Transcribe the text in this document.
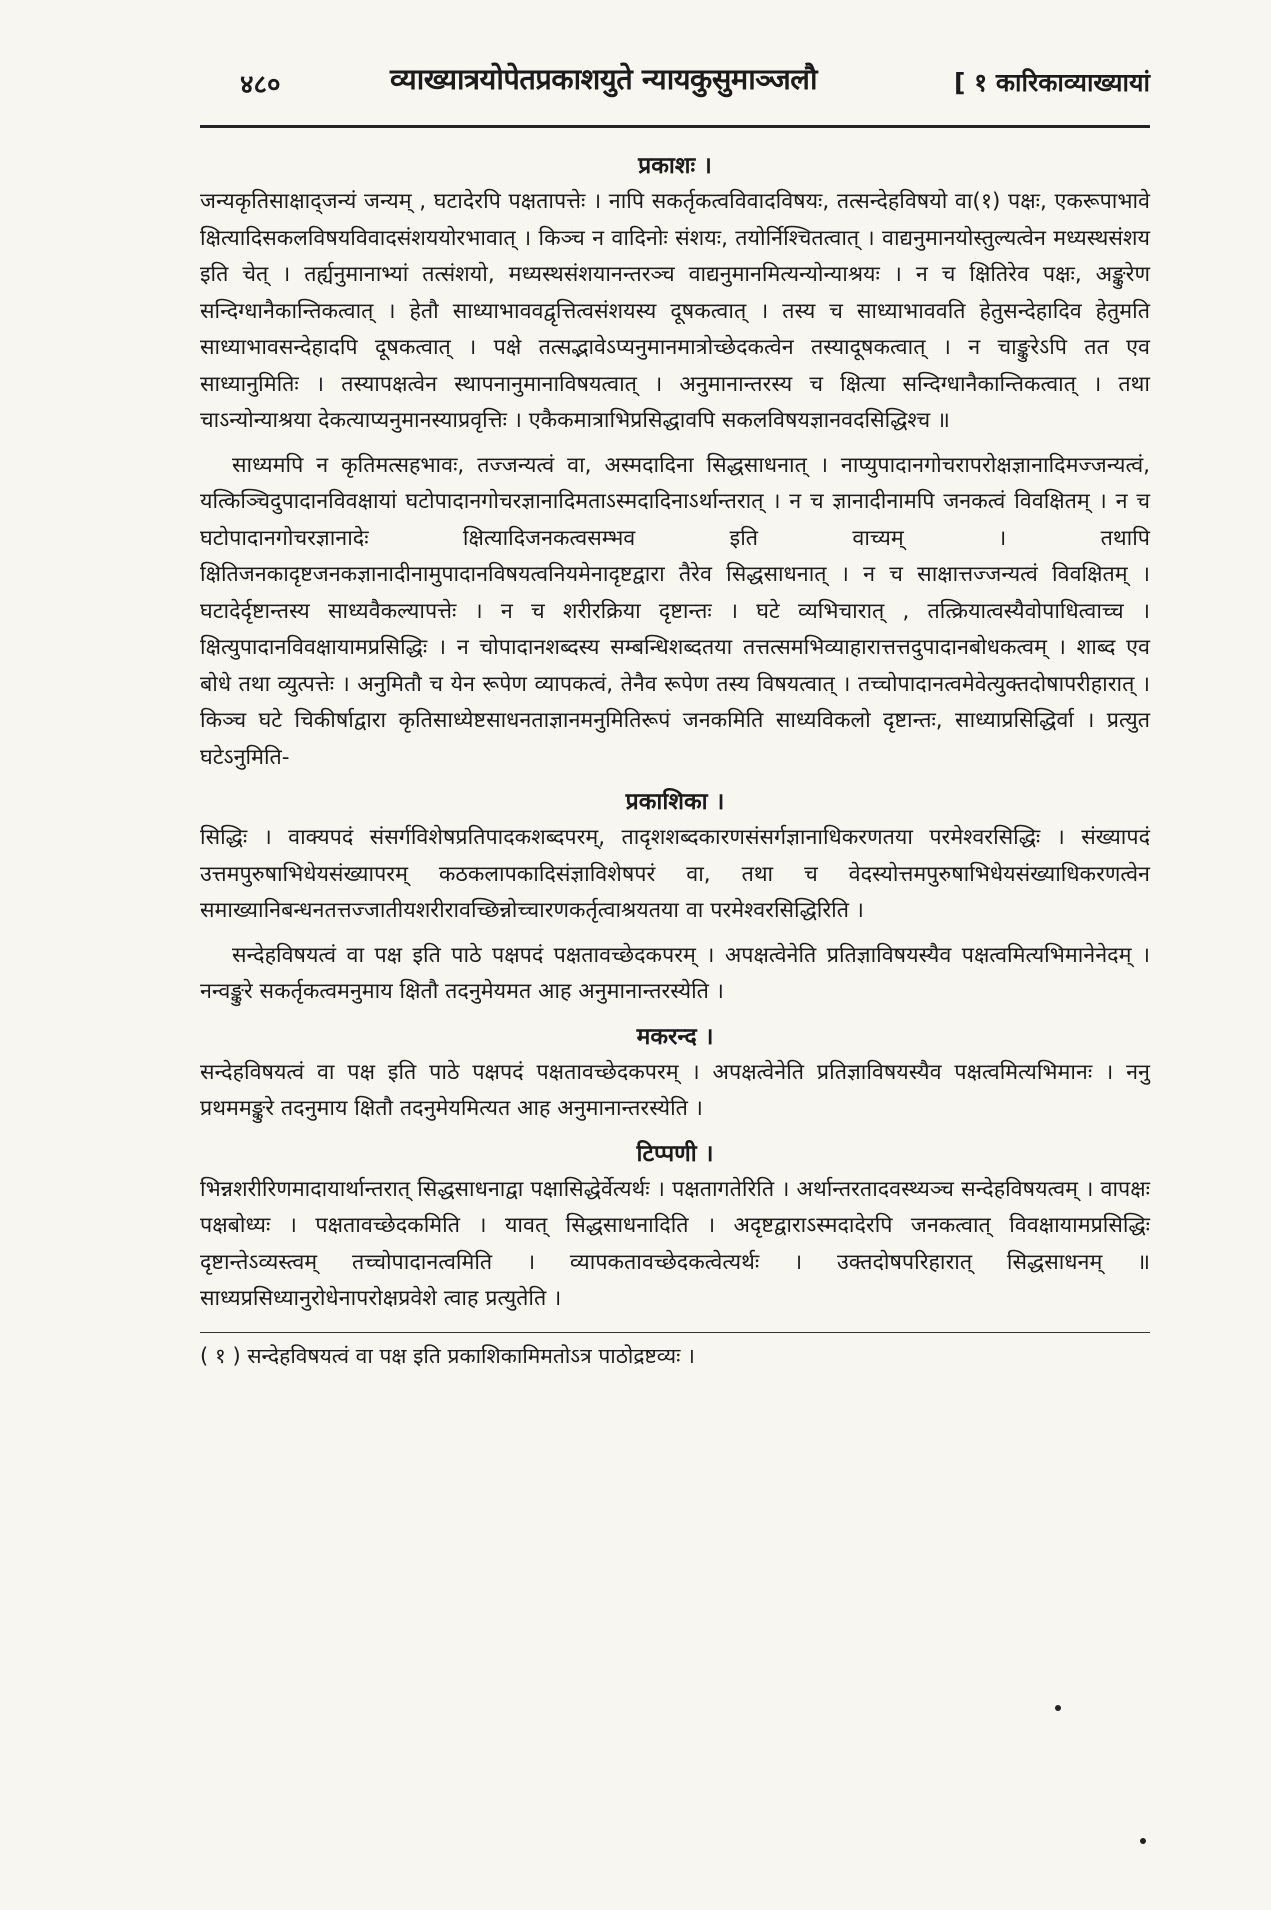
४८०	व्याख्यात्रयोपेतप्रकाशयुते न्यायकुसुमाञ्जलौ	[ १ कारिकाव्याख्यायां
प्रकाशः ।

जन्यकृतिसाक्षाद्जन्यं जन्यम् , घटादेरपि पक्षतापत्तेः । नापि सकर्तृकत्वविवादविषयः, तत्सन्देहविषयो वा(१) पक्षः, एकरूपाभावे क्षित्यादिसकलविषयविवादसंशययोरभावात् । किञ्च न वादिनोः संशयः, तयोर्निश्चितत्वात् । वाद्यनुमानयोस्तुल्यत्वेन मध्यस्थसंशय इति चेत् । तर्ह्यनुमानाभ्यां तत्संशयो, मध्यस्थसंशयानन्तरञ्च वाद्यनुमानमित्यन्योन्याश्रयः । न च क्षितिरेव पक्षः, अङ्कुरेण सन्दिग्धानैकान्तिकत्वात् । हेतौ साध्याभाववद्वृत्तित्वसंशयस्य दूषकत्वात् । तस्य च साध्याभाववति हेतुसन्देहादिव हेतुमति साध्याभावसन्देहादपि दूषकत्वात् । पक्षे तत्सद्भावेऽप्यनुमानमात्रोच्छेदकत्वेन तस्यादूषकत्वात् । न चाङ्कुरेऽपि तत एव साध्यानुमितिः । तस्यापक्षत्वेन स्थापनानुमानाविषयत्वात् । अनुमानान्तरस्य च क्षित्या सन्दिग्धानैकान्तिकत्वात् । तथा चाऽन्योन्याश्रया देकत्याप्यनुमानस्याप्रवृत्तिः । एकैकमात्राभिप्रसिद्धावपि सकलविषयज्ञानवदसिद्धिश्च ॥

साध्यमपि न कृतिमत्सहभावः, तज्जन्यत्वं वा, अस्मदादिना सिद्धसाधनात् । नाप्युपादानगोचरापरोक्षज्ञानादिमज्जन्यत्वं, यत्किञ्चिदुपादानविवक्षायां घटोपादानगोचरज्ञानादिमताऽस्मदादिनाऽर्थान्तरात् । न च ज्ञानादीनामपि जनकत्वं विवक्षितम् । न च घटोपादानगोचरज्ञानादेः क्षित्यादिजनकत्वसम्भव इति वाच्यम् । तथापि क्षितिजनकादृष्टजनकज्ञानादीनामुपादानविषयत्वनियमेनादृष्टद्वारा तैरेव सिद्धसाधनात् । न च साक्षात्तज्जन्यत्वं विवक्षितम् । घटादेर्दृष्टान्तस्य साध्यवैकल्यापत्तेः । न च शरीरक्रिया दृष्टान्तः । घटे व्यभिचारात् , तत्क्रियात्वस्यैवोपाधित्वाच्च । क्षित्युपादानविवक्षायामप्रसिद्धिः । न चोपादानशब्दस्य सम्बन्धिशब्दतया तत्तत्समभिव्याहारात्तत्तदुपादानबोधकत्वम् । शाब्द एव बोधे तथा व्युत्पत्तेः । अनुमितौ च येन रूपेण व्यापकत्वं, तेनैव रूपेण तस्य विषयत्वात् । तच्चोपादानत्वमेवेत्युक्तदोषापरीहारात् । किञ्च घटे चिकीर्षाद्वारा कृतिसाध्येष्टसाधनताज्ञानमनुमितिरूपं जनकमिति साध्यविकलो दृष्टान्तः, साध्याप्रसिद्धिर्वा । प्रत्युत घटेऽनुमिति-

प्रकाशिका ।

सिद्धिः । वाक्यपदं संसर्गविशेषप्रतिपादकशब्दपरम्, तादृशशब्दकारणसंसर्गज्ञानाधिकरणतया परमेश्वरसिद्धिः । संख्यापदं उत्तमपुरुषाभिधेयसंख्यापरम् कठकलापकादिसंज्ञाविशेषपरं वा, तथा च वेदस्योत्तमपुरुषाभिधेयसंख्याधिकरणत्वेन समाख्यानिबन्धनतत्तज्जातीयशरीरावच्छिन्नोच्चारणकर्तृत्वाश्रयतया वा परमेश्वरसिद्धिरिति ।

सन्देहविषयत्वं वा पक्ष इति पाठे पक्षपदं पक्षतावच्छेदकपरम् । अपक्षत्वेनेति प्रतिज्ञाविषयस्यैव पक्षत्वमित्यभिमानेनेदम् । नन्वङ्कुरे सकर्तृकत्वमनुमाय क्षितौ तदनुमेयमत आह अनुमानान्तरस्येति ।

मकरन्द ।

सन्देहविषयत्वं वा पक्ष इति पाठे पक्षपदं पक्षतावच्छेदकपरम् । अपक्षत्वेनेति प्रतिज्ञाविषयस्यैव पक्षत्वमित्यभिमानः । ननु प्रथममङ्कुरे तदनुमाय क्षितौ तदनुमेयमित्यत आह अनुमानान्तरस्येति ।

टिप्पणी ।

भिन्नशरीरिणमादायार्थान्तरात् सिद्धसाधनाद्वा पक्षासिद्धेर्वेत्यर्थः । पक्षतागतेरिति । अर्थान्तरतादवस्थ्यञ्च सन्देहविषयत्वम् । वापक्षः पक्षबोध्यः । पक्षतावच्छेदकमिति । यावत् सिद्धसाधनादिति । अदृष्टद्वाराऽस्मदादेरपि जनकत्वात् विवक्षायामप्रसिद्धिः दृष्टान्तेऽव्यस्त्वम् तच्चोपादानत्वमिति । व्यापकतावच्छेदकत्वेत्यर्थः । उक्तदोषपरिहारात् सिद्धसाधनम् ॥ साध्यप्रसिध्यानुरोधेनापरोक्षप्रवेशे त्वाह प्रत्युतेति ।

( १ ) सन्देहविषयत्वं वा पक्ष इति प्रकाशिकामिमतोऽत्र पाठोद्रष्टव्यः ।
